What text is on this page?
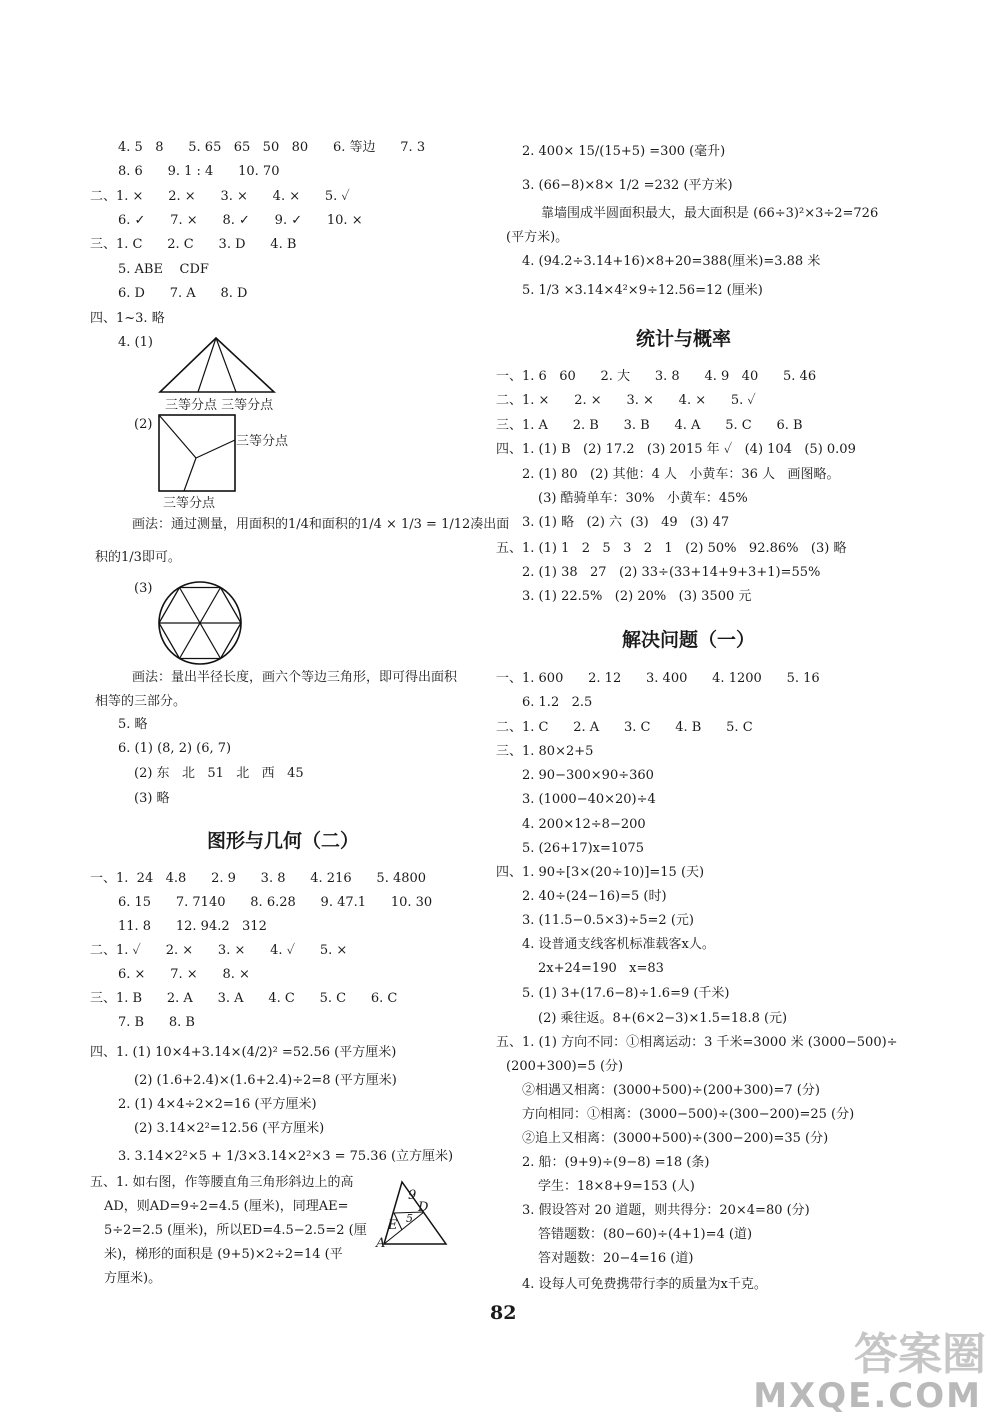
4. 5   8      5. 65   65   50   80      6. 等边      7. 3
8. 6      9. 1 : 4      10. 70
二、1. ×      2. ×      3. ×      4. ×      5. ✓
6. ✓      7. ×      8. ✓      9. ✓      10. ×
三、1. C      2. C      3. D      4. B
5. ABE    CDF
6. D      7. A      8. D
四、1~3. 略
4. (1)
(2)
画法：通过测量，用面积的1/4和面积的1/4 × 1/3 = 1/12凑出面
积的1/3即可。
(3)
画法：量出半径长度，画六个等边三角形，即可得出面积
相等的三部分。
5. 略
6. (1) (8, 2) (6, 7)
(2) 东   北   51   北   西   45
(3) 略
三等分点 三等分点
三等分点
三等分点
图形与几何（二）
一、1.  24   4.8      2. 9      3. 8      4. 216      5. 4800
6. 15      7. 7140      8. 6.28      9. 47.1      10. 30
11. 8      12. 94.2   312
二、1. ✓      2. ×      3. ×      4. ✓      5. ×
6. ×      7. ×      8. ×
三、1. B      2. A      3. A      4. C      5. C      6. C
7. B      8. B
四、1. (1) 10×4+3.14×(4/2)² =52.56 (平方厘米)
(2) (1.6+2.4)×(1.6+2.4)÷2=8 (平方厘米)
2. (1) 4×4÷2×2=16 (平方厘米)
(2) 3.14×2²=12.56 (平方厘米)
3. 3.14×2²×5 + 1/3×3.14×2²×3 = 75.36 (立方厘米)
五、1. 如右图，作等腰直角三角形斜边上的高
AD，则AD=9÷2=4.5 (厘米)，同理AE=
5÷2=2.5 (厘米)，所以ED=4.5−2.5=2 (厘
米)，梯形的面积是 (9+5)×2÷2=14 (平
方厘米)。
9
5
D
E
A
2. 400× 15/(15+5) =300 (毫升)
3. (66−8)×8× 1/2 =232 (平方米)
靠墙围成半圆面积最大，最大面积是 (66÷3)²×3÷2=726
(平方米)。
4. (94.2÷3.14+16)×8+20=388(厘米)=3.88 米
5. 1/3 ×3.14×4²×9÷12.56=12 (厘米)
统计与概率
一、1. 6   60      2. 大      3. 8      4. 9   40      5. 46
二、1. ×      2. ×      3. ×      4. ×      5. ✓
三、1. A      2. B      3. B      4. A      5. C      6. B
四、1. (1) B   (2) 17.2   (3) 2015 年 ✓   (4) 104   (5) 0.09
2. (1) 80   (2) 其他：4 人   小黄车：36 人   画图略。
(3) 酷骑单车：30%   小黄车：45%
3. (1) 略   (2) 六  (3)   49   (3) 47
五、1. (1) 1   2   5   3   2   1   (2) 50%   92.86%   (3) 略
2. (1) 38   27   (2) 33÷(33+14+9+3+1)=55%
3. (1) 22.5%   (2) 20%   (3) 3500 元
解决问题（一）
一、1. 600      2. 12      3. 400      4. 1200      5. 16
6. 1.2   2.5
二、1. C      2. A      3. C      4. B      5. C
三、1. 80×2+5
2. 90−300×90÷360
3. (1000−40×20)÷4
4. 200×12÷8−200
5. (26+17)x=1075
四、1. 90÷[3×(20÷10)]=15 (天)
2. 40÷(24−16)=5 (时)
3. (11.5−0.5×3)÷5=2 (元)
4. 设普通支线客机标准载客x人。
2x+24=190   x=83
5. (1) 3+(17.6−8)÷1.6=9 (千米)
(2) 乘往返。8+(6×2−3)×1.5=18.8 (元)
五、1. (1) 方向不同：①相离运动：3 千米=3000 米 (3000−500)÷
(200+300)=5 (分)
②相遇又相离：(3000+500)÷(200+300)=7 (分)
方向相同：①相离：(3000−500)÷(300−200)=25 (分)
②追上又相离：(3000+500)÷(300−200)=35 (分)
2. 船：(9+9)÷(9−8) =18 (条)
学生：18×8+9=153 (人)
3. 假设答对 20 道题，则共得分：20×4=80 (分)
答错题数：(80−60)÷(4+1)=4 (道)
答对题数：20−4=16 (道)
4. 设每人可免费携带行李的质量为x千克。
82
答案圈
MXQE.COM
